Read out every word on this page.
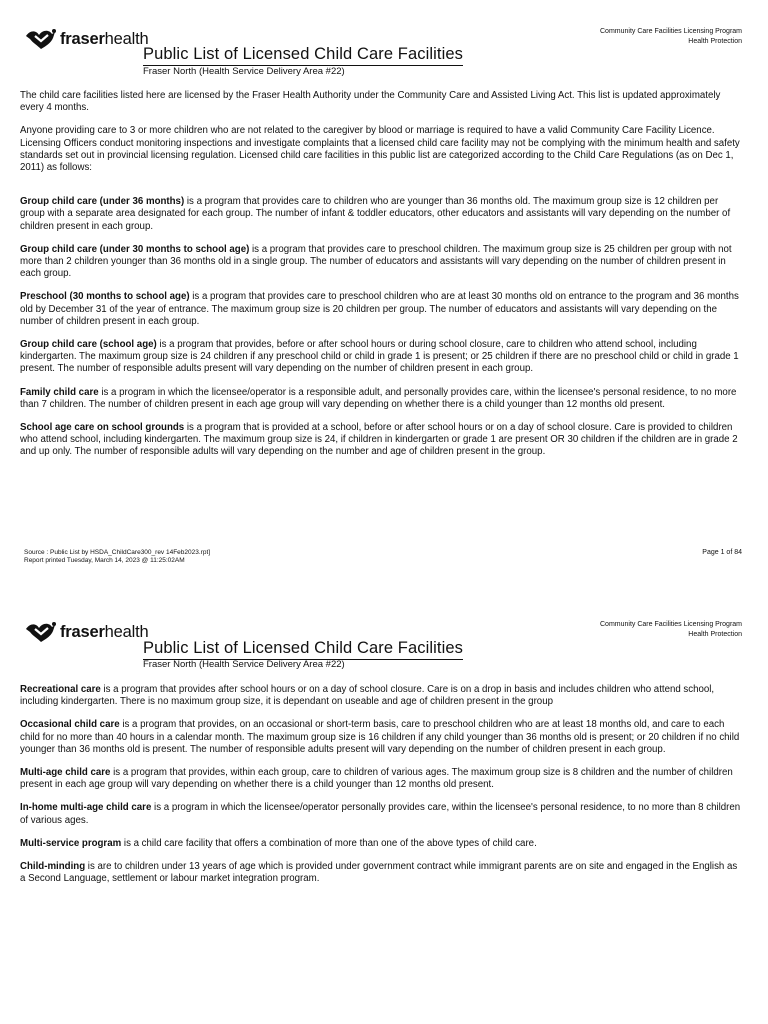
fraserhealth	Community Care Facilities Licensing Program
Health Protection
Public List of Licensed Child Care Facilities
Fraser North (Health Service Delivery Area #22)

The child care facilities listed here are licensed by the Fraser Health Authority under the Community Care and Assisted Living Act. This list is updated approximately every 4 months.

Anyone providing care to 3 or more children who are not related to the caregiver by blood or marriage is required to have a valid Community Care Facility Licence. Licensing Officers conduct monitoring inspections and investigate complaints that a licensed child care facility may not be complying with the minimum health and safety standards set out in provincial licensing regulation. Licensed child care facilities in this public list are categorized according to the Child Care Regulations (as on Dec 1, 2011) as follows:

Group child care (under 36 months) is a program that provides care to children who are younger than 36 months old. The maximum group size is 12 children per group with a separate area designated for each group. The number of infant & toddler educators, other educators and assistants will vary depending on the number of children present in each group.

Group child care (under 30 months to school age) is a program that provides care to preschool children. The maximum group size is 25 children per group with not more than 2 children younger than 36 months old in a single group. The number of educators and assistants will vary depending on the number of children present in each group.

Preschool (30 months to school age) is a program that provides care to preschool children who are at least 30 months old on entrance to the program and 36 months old by December 31 of the year of entrance. The maximum group size is 20 children per group. The number of educators and assistants will vary depending on the number of children present in each group.

Group child care (school age) is a program that provides, before or after school hours or during school closure, care to children who attend school, including kindergarten. The maximum group size is 24 children if any preschool child or child in grade 1 is present; or 25 children if there are no preschool child or child in grade 1 present. The number of responsible adults present will vary depending on the number of children present in each group.

Family child care is a program in which the licensee/operator is a responsible adult, and personally provides care, within the licensee's personal residence, to no more than 7 children. The number of children present in each age group will vary depending on whether there is a child younger than 12 months old present.

School age care on school grounds is a program that is provided at a school, before or after school hours or on a day of school closure. Care is provided to children who attend school, including kindergarten. The maximum group size is 24, if children in kindergarten or grade 1 are present OR 30 children if the children are in grade 2 and up only. The number of responsible adults will vary depending on the number and age of children present in the group.

Source : Public List by HSDA_ChildCare300_rev 14Feb2023.rpt]
Report printed Tuesday, March 14, 2023 @ 11:25:02AM
Page 1 of 84
fraserhealth	Community Care Facilities Licensing Program
Health Protection
Public List of Licensed Child Care Facilities
Fraser North (Health Service Delivery Area #22)

Recreational care is a program that provides after school hours or on a day of school closure. Care is on a drop in basis and includes children who attend school, including kindergarten. There is no maximum group size, it is dependant on useable and age of children present in the group

Occasional child care is a program that provides, on an occasional or short-term basis, care to preschool children who are at least 18 months old, and care to each child for no more than 40 hours in a calendar month. The maximum group size is 16 children if any child younger than 36 months old is present; or 20 children if no child younger than 36 months old is present. The number of responsible adults present will vary depending on the number of children present in each group.

Multi-age child care is a program that provides, within each group, care to children of various ages. The maximum group size is 8 children and the number of children present in each age group will vary depending on whether there is a child younger than 12 months old present.

In-home multi-age child care is a program in which the licensee/operator personally provides care, within the licensee's personal residence, to no more than 8 children of various ages.

Multi-service program is a child care facility that offers a combination of more than one of the above types of child care.

Child-minding is are to children under 13 years of age which is provided under government contract while immigrant parents are on site and engaged in the English as a Second Language, settlement or labour market integration program.
